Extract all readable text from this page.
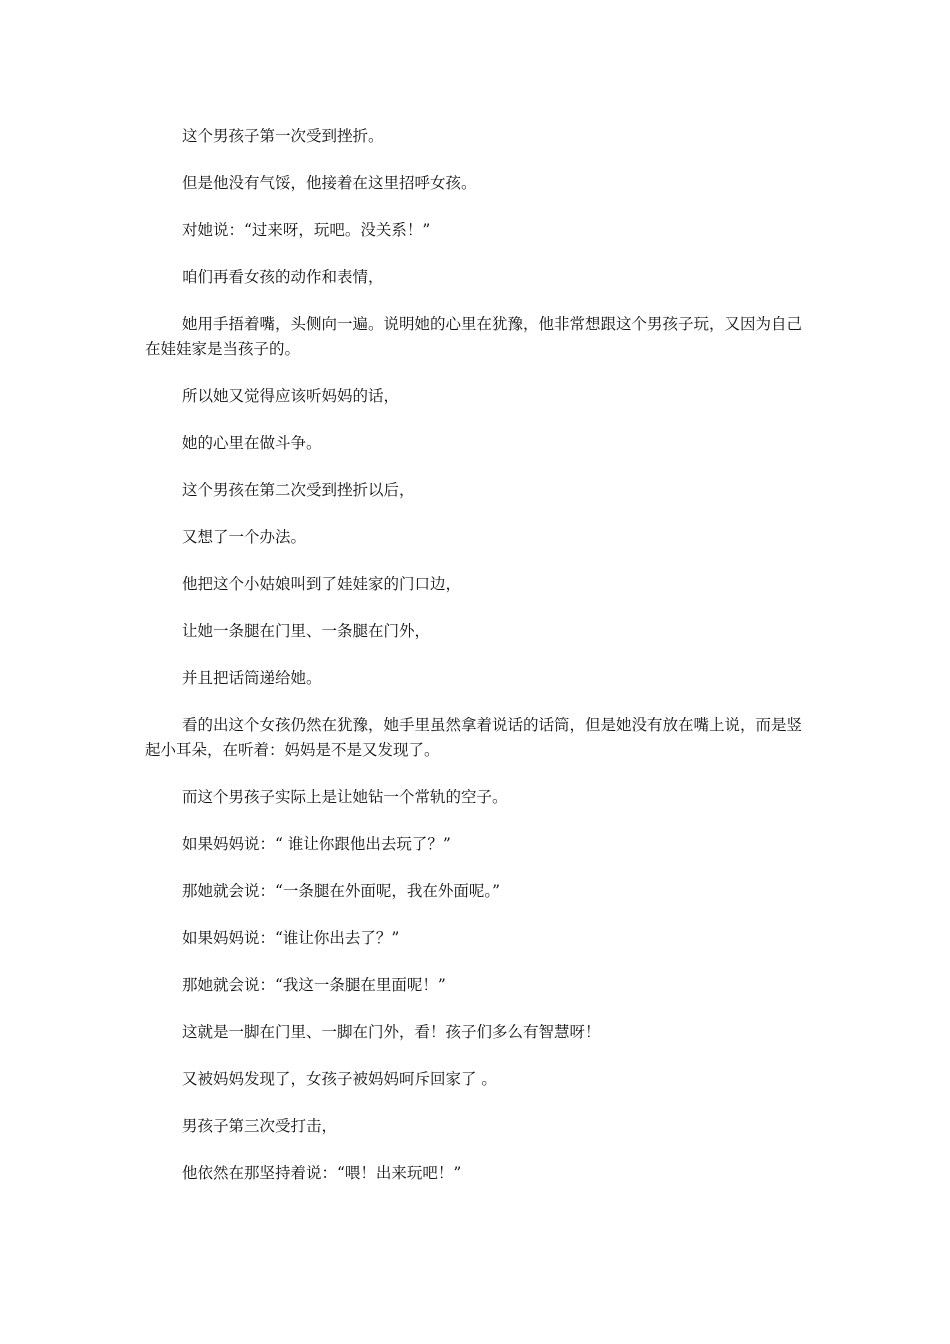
这个男孩子第一次受到挫折。

但是他没有气馁，他接着在这里招呼女孩。

对她说：“过来呀，玩吧。没关系！”

咱们再看女孩的动作和表情，

她用手捂着嘴，头侧向一遍。说明她的心里在犹豫，他非常想跟这个男孩子玩，又因为自己在娃娃家是当孩子的。

所以她又觉得应该听妈妈的话，

她的心里在做斗争。

这个男孩在第二次受到挫折以后，

又想了一个办法。

他把这个小姑娘叫到了娃娃家的门口边，

让她一条腿在门里、一条腿在门外，

并且把话筒递给她。

看的出这个女孩仍然在犹豫，她手里虽然拿着说话的话筒，但是她没有放在嘴上说，而是竖起小耳朵，在听着：妈妈是不是又发现了。

而这个男孩子实际上是让她钻一个常轨的空子。

如果妈妈说：“ 谁让你跟他出去玩了？”

那她就会说：“一条腿在外面呢，我在外面呢。”

如果妈妈说：“谁让你出去了？”

那她就会说：“我这一条腿在里面呢！”

这就是一脚在门里、一脚在门外，看！孩子们多么有智慧呀！

又被妈妈发现了，女孩子被妈妈呵斥回家了 。

男孩子第三次受打击，

他依然在那坚持着说：“喂！出来玩吧！”
